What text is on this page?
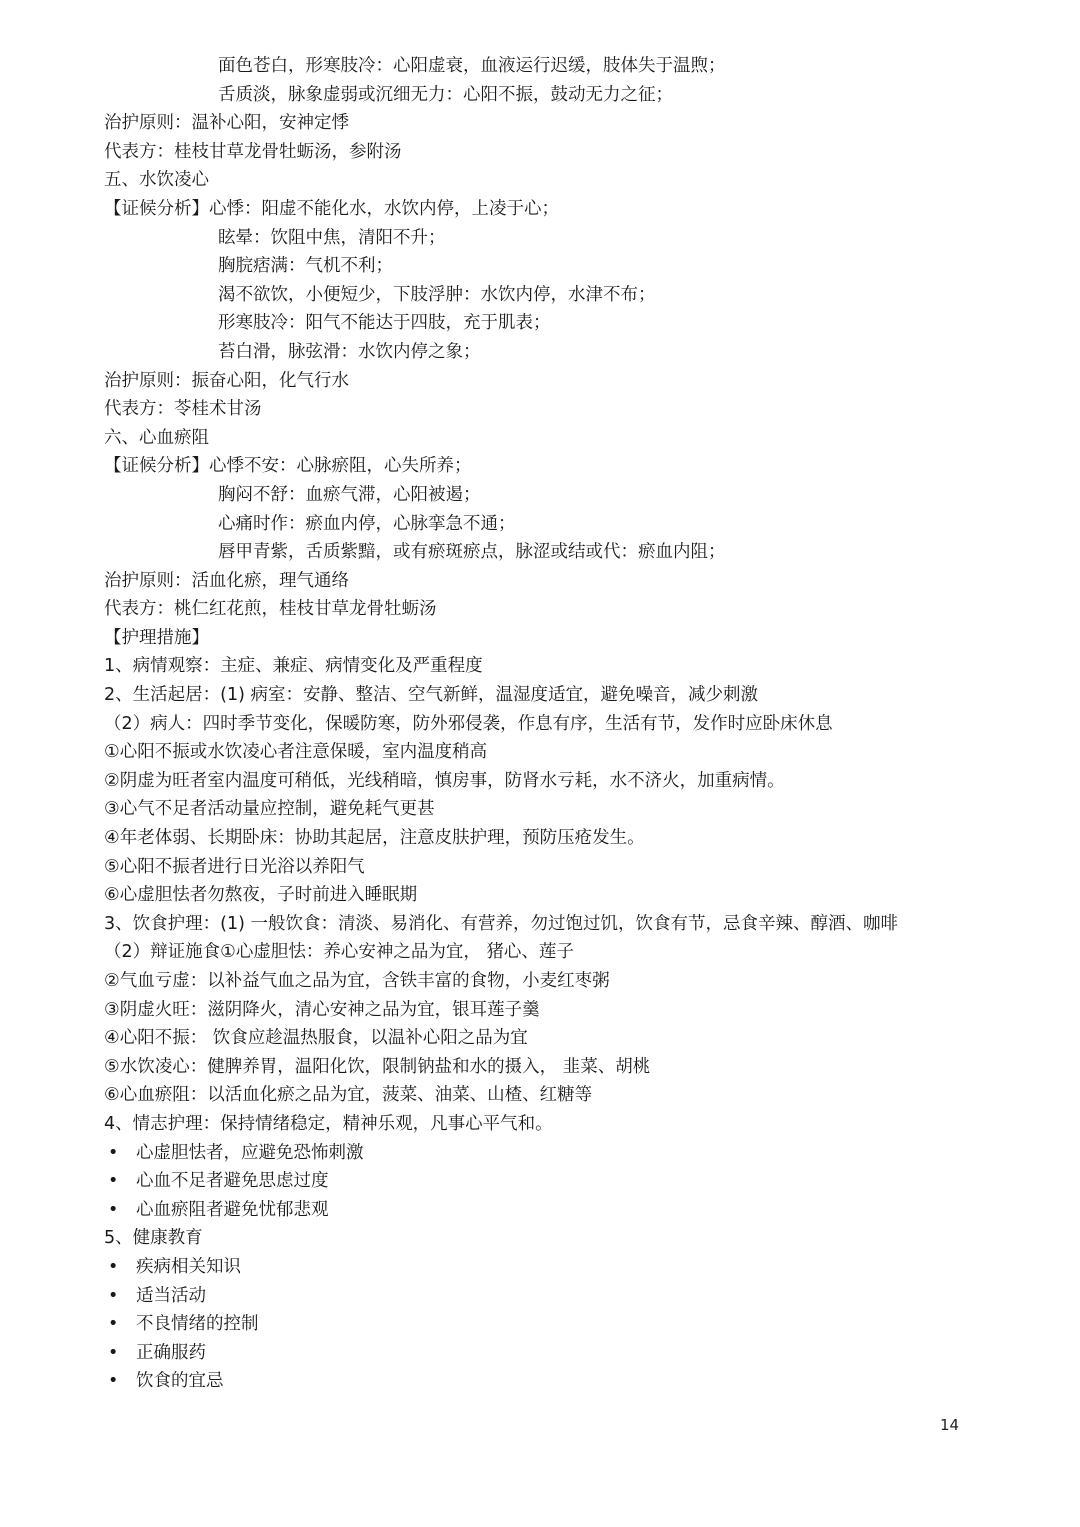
面色苍白，形寒肢冷：心阳虚衰，血液运行迟缓，肢体失于温煦；
舌质淡，脉象虚弱或沉细无力：心阳不振，鼓动无力之征；
治护原则：温补心阳，安神定悸
代表方：桂枝甘草龙骨牡蛎汤，参附汤
五、水饮凌心
【证候分析】心悸：阳虚不能化水，水饮内停，上凌于心；
眩晕：饮阻中焦，清阳不升；
胸脘痞满：气机不利；
渴不欲饮，小便短少，下肢浮肿：水饮内停，水津不布；
形寒肢冷：阳气不能达于四肢，充于肌表；
苔白滑，脉弦滑：水饮内停之象；
治护原则：振奋心阳，化气行水
代表方：苓桂术甘汤
六、心血瘀阻
【证候分析】心悸不安：心脉瘀阻，心失所养；
胸闷不舒：血瘀气滞，心阳被遏；
心痛时作：瘀血内停，心脉挛急不通；
唇甲青紫，舌质紫黯，或有瘀斑瘀点，脉涩或结或代：瘀血内阻；
治护原则：活血化瘀，理气通络
代表方：桃仁红花煎，桂枝甘草龙骨牡蛎汤
【护理措施】
1、病情观察：主症、兼症、病情变化及严重程度
2、生活起居：(1) 病室：安静、整洁、空气新鲜，温湿度适宜，避免噪音，减少刺激
（2）病人：四时季节变化，保暖防寒，防外邪侵袭，作息有序，生活有节，发作时应卧床休息
①心阳不振或水饮凌心者注意保暖，室内温度稍高
②阴虚为旺者室内温度可稍低，光线稍暗，慎房事，防肾水亏耗，水不济火，加重病情。
③心气不足者活动量应控制，避免耗气更甚
④年老体弱、长期卧床：协助其起居，注意皮肤护理，预防压疮发生。
⑤心阳不振者进行日光浴以养阳气
⑥心虚胆怯者勿熬夜，子时前进入睡眠期
3、饮食护理：(1) 一般饮食：清淡、易消化、有营养，勿过饱过饥，饮食有节，忌食辛辣、醇酒、咖啡
（2）辩证施食①心虚胆怯：养心安神之品为宜， 猪心、莲子
②气血亏虚：以补益气血之品为宜，含铁丰富的食物，小麦红枣粥
③阴虚火旺：滋阴降火，清心安神之品为宜，银耳莲子羹
④心阳不振： 饮食应趁温热服食，以温补心阳之品为宜
⑤水饮凌心：健脾养胃，温阳化饮，限制钠盐和水的摄入， 韭菜、胡桃
⑥心血瘀阻：以活血化瘀之品为宜，菠菜、油菜、山楂、红糖等
4、情志护理：保持情绪稳定，精神乐观，凡事心平气和。
•	心虚胆怯者，应避免恐怖刺激
•	心血不足者避免思虑过度
•	心血瘀阻者避免忧郁悲观
5、健康教育
•	疾病相关知识
•	适当活动
•	不良情绪的控制
•	正确服药
•	饮食的宜忌
14
